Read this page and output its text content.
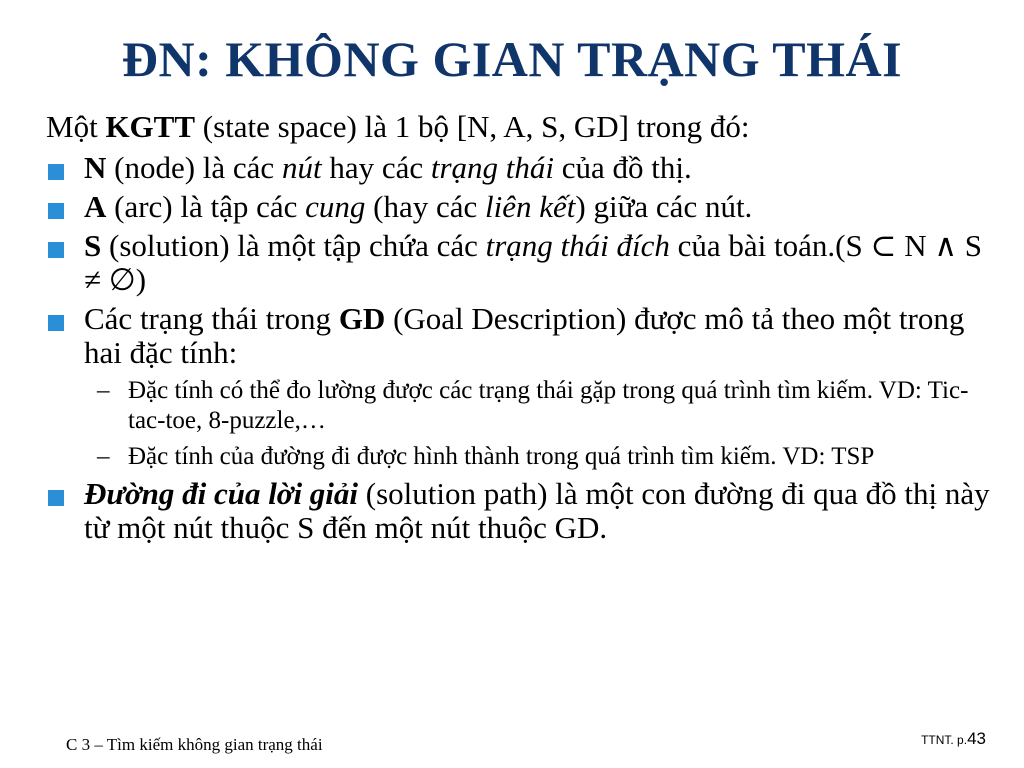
ĐN: KHÔNG GIAN TRẠNG THÁI

Một KGTT (state space) là 1 bộ [N, A, S, GD] trong đó:

N (node) là các nút hay các trạng thái của đồ thị.
A (arc) là tập các cung (hay các liên kết) giữa các nút.
S (solution) là một tập chứa các trạng thái đích của bài toán.(S ⊂ N ∧ S ≠ ∅)
Các trạng thái trong GD (Goal Description) được mô tả theo một trong hai đặc tính:
– Đặc tính có thể đo lường được các trạng thái gặp trong quá trình tìm kiếm. VD: Tic-tac-toe, 8-puzzle,…
– Đặc tính của đường đi được hình thành trong quá trình tìm kiếm. VD: TSP
Đường đi của lời giải (solution path) là một con đường đi qua đồ thị này từ một nút thuộc S đến một nút thuộc GD.
C 3 – Tìm kiếm không gian trạng thái	TTNT. p.43
